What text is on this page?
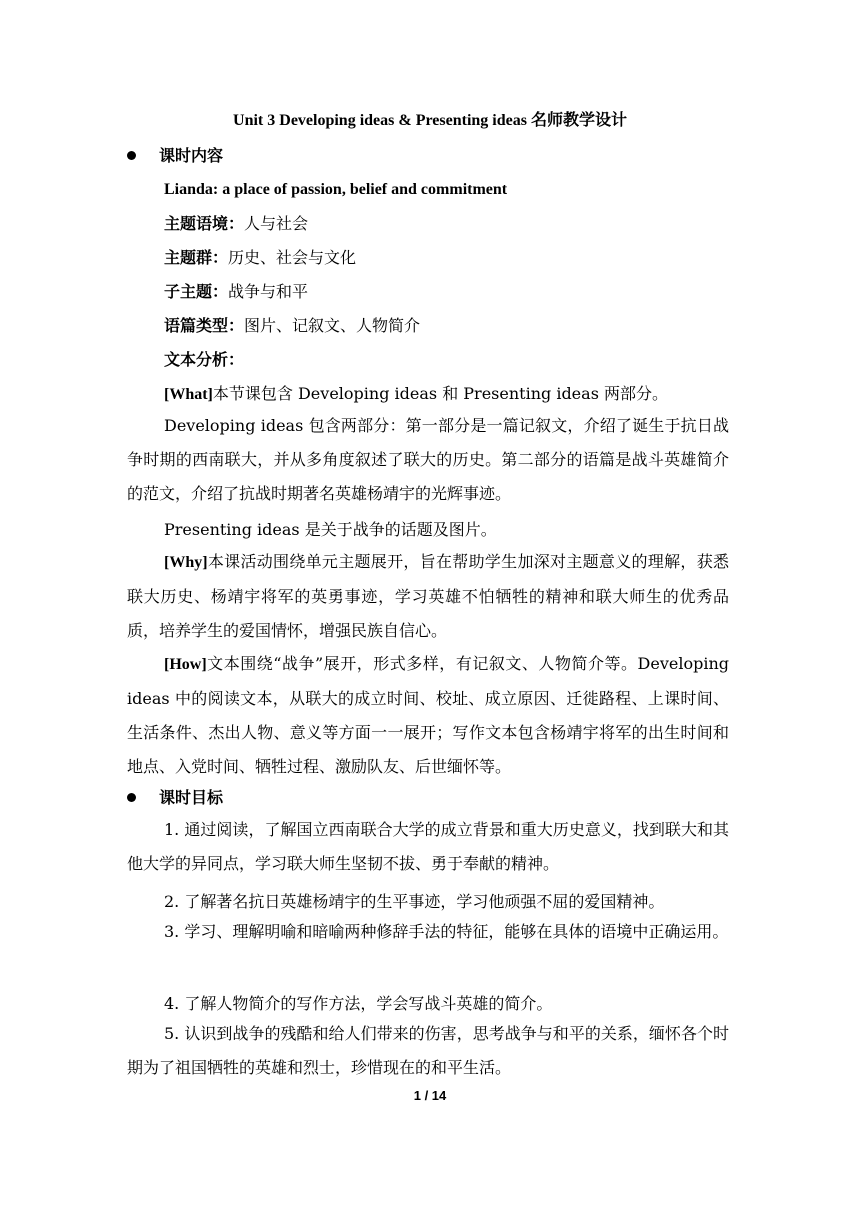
Unit 3 Developing ideas & Presenting ideas 名师教学设计
课时内容
Lianda: a place of passion, belief and commitment
主题语境：人与社会
主题群：历史、社会与文化
子主题：战争与和平
语篇类型：图片、记叙文、人物简介
文本分析：
[What]本节课包含 Developing ideas 和 Presenting ideas 两部分。

Developing ideas 包含两部分：第一部分是一篇记叙文，介绍了诞生于抗日战争时期的西南联大，并从多角度叙述了联大的历史。第二部分的语篇是战斗英雄简介的范文，介绍了抗战时期著名英雄杨靖宇的光辉事迹。

Presenting ideas 是关于战争的话题及图片。

[Why]本课活动围绕单元主题展开，旨在帮助学生加深对主题意义的理解，获悉联大历史、杨靖宇将军的英勇事迹，学习英雄不怕牺牲的精神和联大师生的优秀品质，培养学生的爱国情怀，增强民族自信心。

[How]文本围绕“战争”展开，形式多样，有记叙文、人物简介等。Developing ideas 中的阅读文本，从联大的成立时间、校址、成立原因、迁徙路程、上课时间、生活条件、杰出人物、意义等方面一一展开；写作文本包含杨靖宇将军的出生时间和地点、入党时间、牺牲过程、激励队友、后世缅怀等。

课时目标

1. 通过阅读，了解国立西南联合大学的成立背景和重大历史意义，找到联大和其他大学的异同点，学习联大师生坚韧不拔、勇于奉献的精神。

2. 了解著名抗日英雄杨靖宇的生平事迹，学习他顽强不屈的爱国精神。

3. 学习、理解明喻和暗喻两种修辞手法的特征，能够在具体的语境中正确运用。

4. 了解人物简介的写作方法，学会写战斗英雄的简介。

5. 认识到战争的残酷和给人们带来的伤害，思考战争与和平的关系，缅怀各个时期为了祖国牺牲的英雄和烈士，珍惜现在的和平生活。

1 / 14
